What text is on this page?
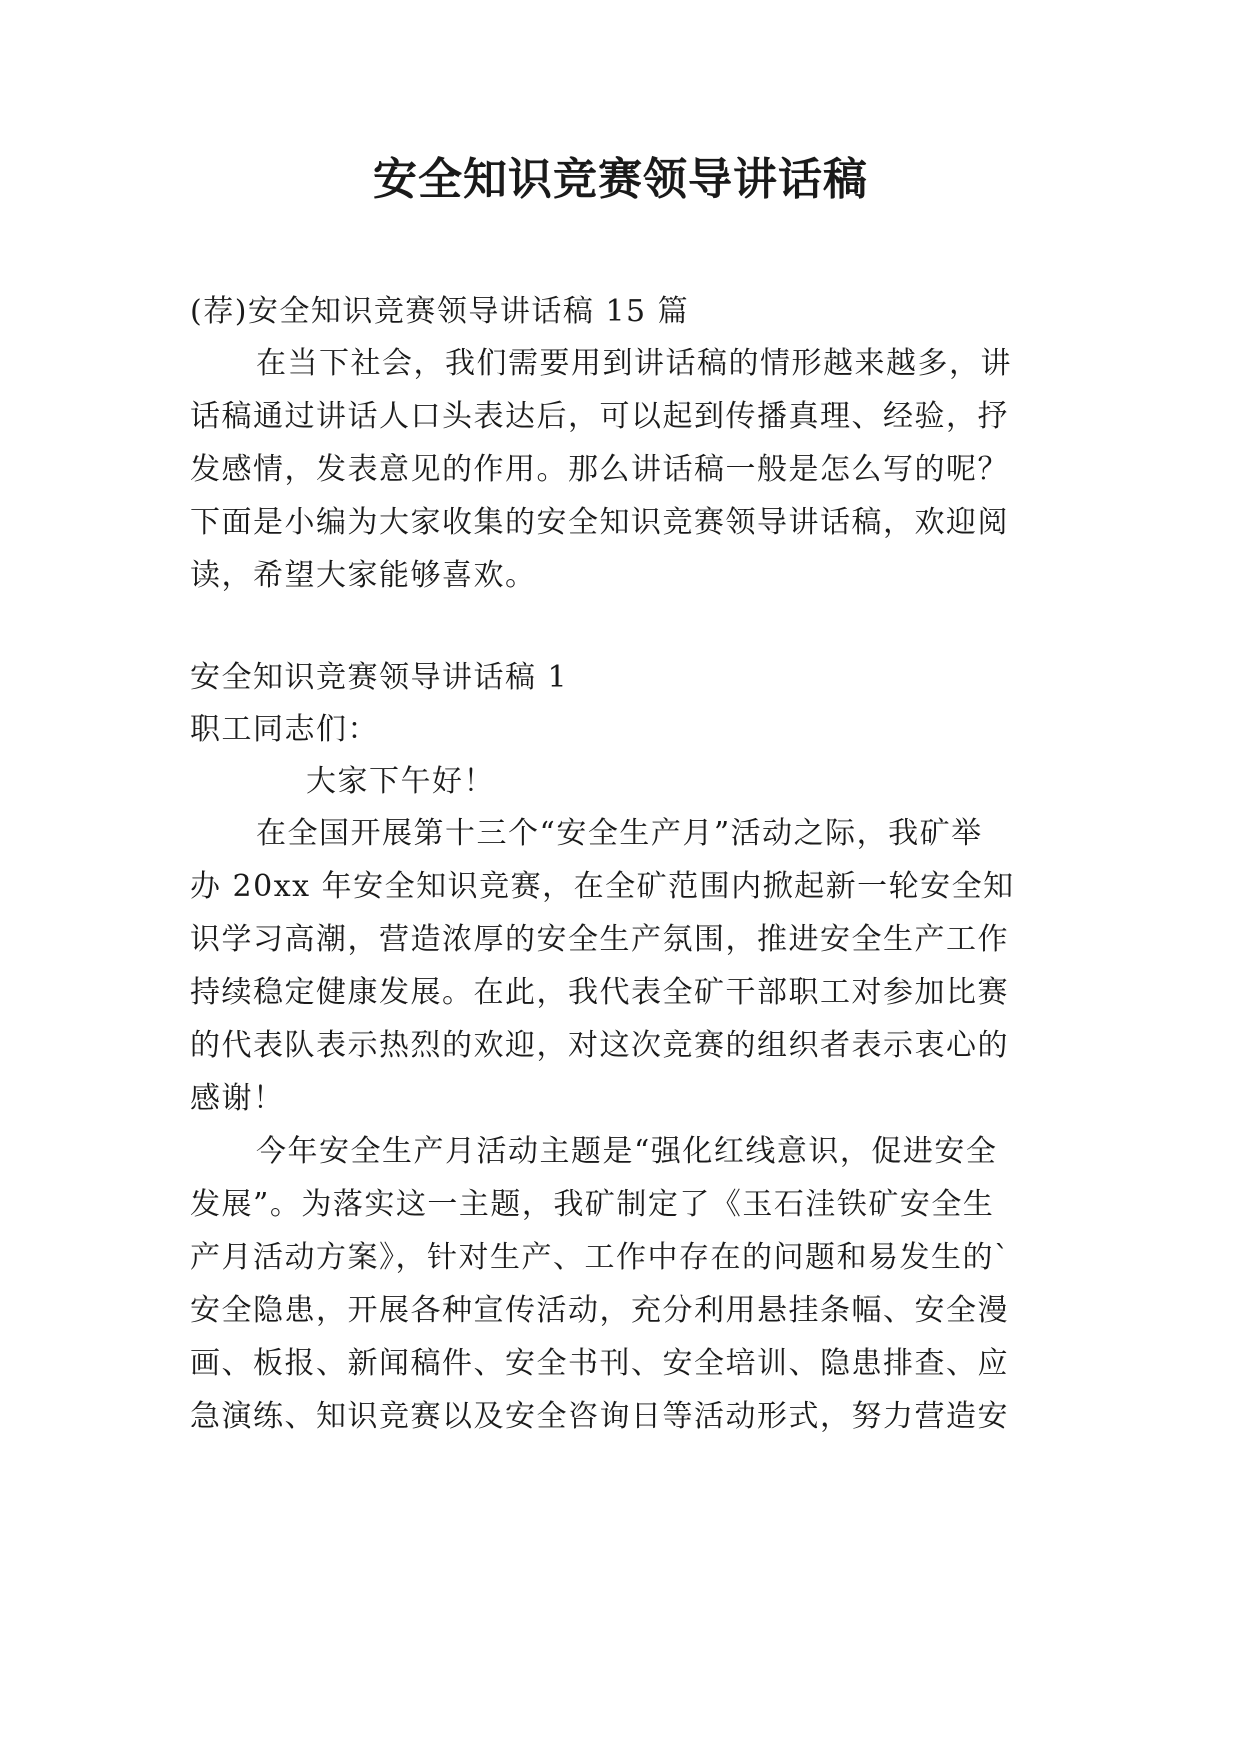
安全知识竞赛领导讲话稿

(荐)安全知识竞赛领导讲话稿 15 篇

在当下社会，我们需要用到讲话稿的情形越来越多，讲

话稿通过讲话人口头表达后，可以起到传播真理、经验，抒

发感情，发表意见的作用。那么讲话稿一般是怎么写的呢？

下面是小编为大家收集的安全知识竞赛领导讲话稿，欢迎阅

读，希望大家能够喜欢。

安全知识竞赛领导讲话稿 1

职工同志们：

大家下午好！

在全国开展第十三个“安全生产月”活动之际，我矿举

办 20xx 年安全知识竞赛，在全矿范围内掀起新一轮安全知

识学习高潮，营造浓厚的安全生产氛围，推进安全生产工作

持续稳定健康发展。在此，我代表全矿干部职工对参加比赛

的代表队表示热烈的欢迎，对这次竞赛的组织者表示衷心的

感谢！

今年安全生产月活动主题是“强化红线意识，促进安全

发展”。为落实这一主题，我矿制定了《玉石洼铁矿安全生

产月活动方案》，针对生产、工作中存在的问题和易发生的`

安全隐患，开展各种宣传活动，充分利用悬挂条幅、安全漫

画、板报、新闻稿件、安全书刊、安全培训、隐患排查、应

急演练、知识竞赛以及安全咨询日等活动形式，努力营造安
